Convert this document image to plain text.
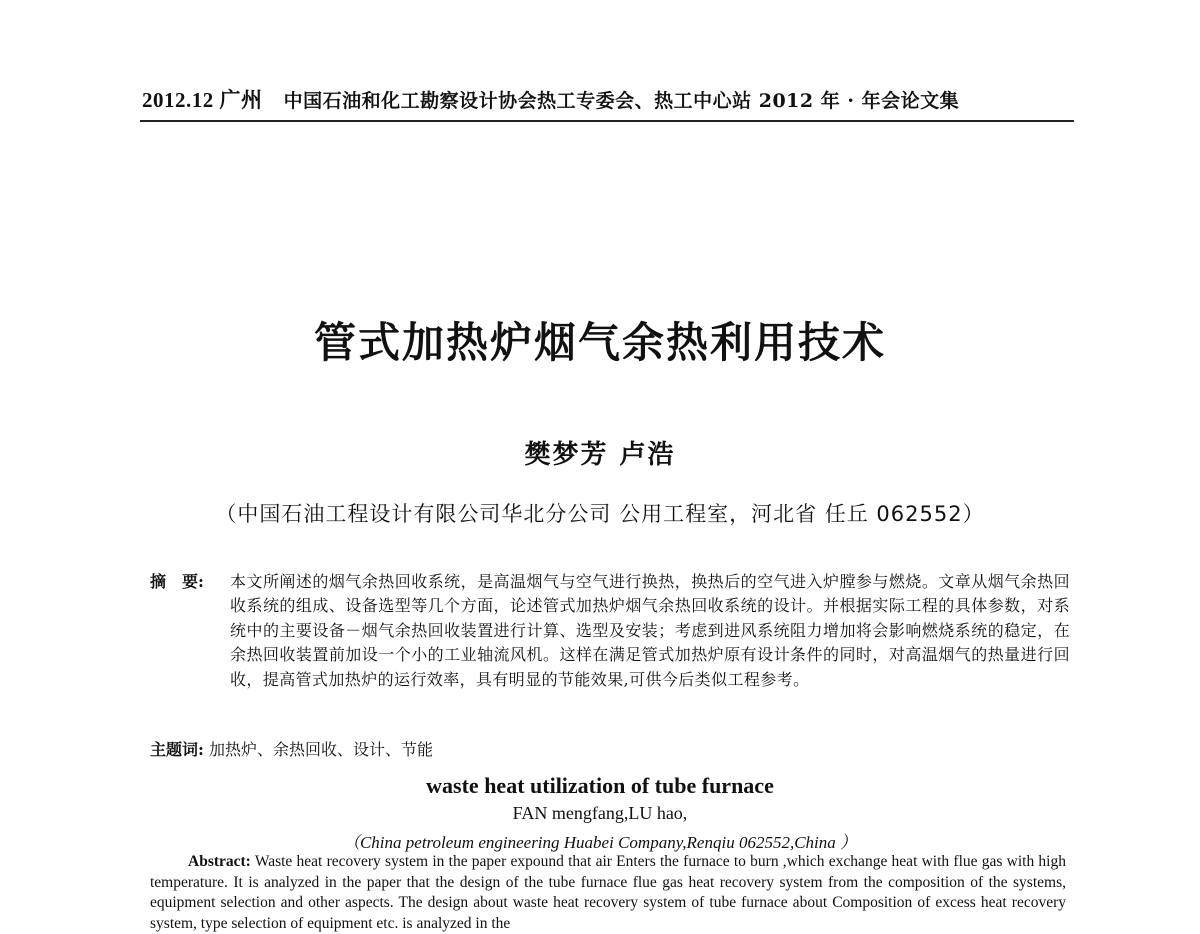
2012.12 广州 中国石油和化工勘察设计协会热工专委会、热工中心站 2012 年 · 年会论文集
管式加热炉烟气余热利用技术
樊梦芳 卢浩
（中国石油工程设计有限公司华北分公司 公用工程室，河北省 任丘 062552）
摘　要:	本文所阐述的烟气余热回收系统，是高温烟气与空气进行换热，换热后的空气进入炉膛参与燃烧。文章从烟气余热回收系统的组成、设备选型等几个方面，论述管式加热炉烟气余热回收系统的设计。并根据实际工程的具体参数，对系统中的主要设备－烟气余热回收装置进行计算、选型及安装；考虑到进风系统阻力增加将会影响燃烧系统的稳定，在余热回收装置前加设一个小的工业轴流风机。这样在满足管式加热炉原有设计条件的同时，对高温烟气的热量进行回收，提高管式加热炉的运行效率，具有明显的节能效果,可供今后类似工程参考。
主题词: 加热炉、余热回收、设计、节能
waste heat utilization of tube furnace
FAN mengfang,LU hao,
（China petroleum engineering Huabei Company,Renqiu 062552,China ）
Abstract: Waste heat recovery system in the paper expound that air Enters the furnace to burn ,which exchange heat with flue gas with high temperature. It is analyzed in the paper that the design of the tube furnace flue gas heat recovery system from the composition of the systems, equipment selection and other aspects. The design about waste heat recovery system of tube furnace about Composition of excess heat recovery system, type selection of equipment etc. is analyzed in the
